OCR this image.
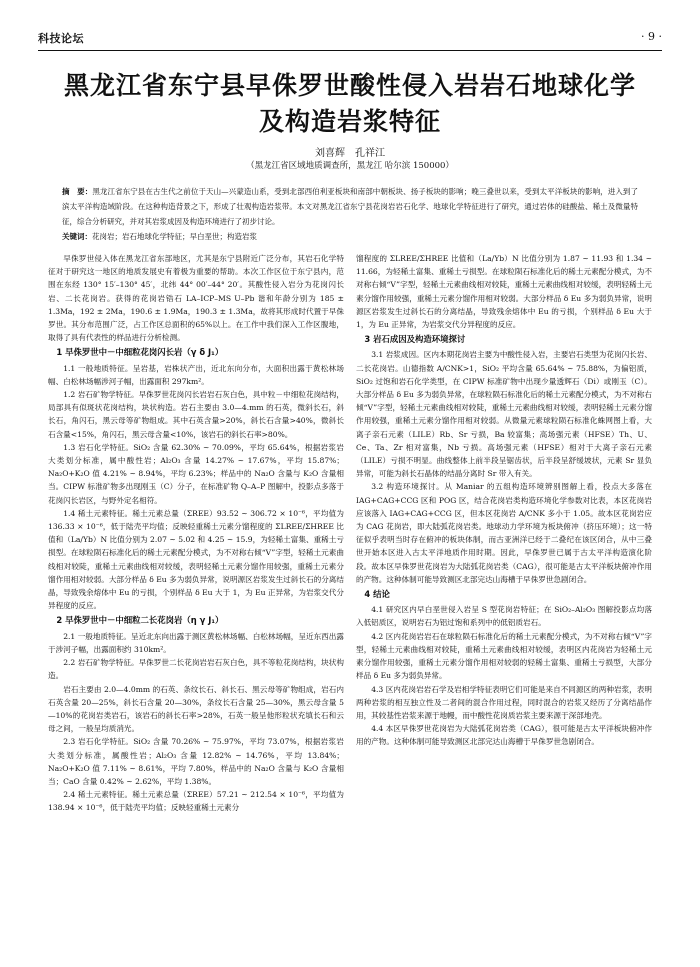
科技论坛	· 9 ·
黑龙江省东宁县早侏罗世酸性侵入岩岩石地球化学
及构造岩浆特征
刘喜辉　孔祥江
（黑龙江省区域地质调查所，黑龙江 哈尔滨 150000）
摘　要：黑龙江省东宁县在古生代之前位于天山—兴蒙造山系，受到北部西伯利亚板块和南部中朝板块、扬子板块的影响；晚三叠世以来，受到太平洋板块的影响，进入到了滨太平洋构造域阶段。在这种构造背景之下，形成了壮观构造岩浆带。本文对黑龙江省东宁县花岗岩岩石化学、地球化学特征进行了研究，通过岩体的硅酸盐、稀土及微量特征，综合分析研究，并对其岩浆成因及构造环境进行了初步讨论。
关键词：花岗岩；岩石地球化学特征；早白垩世；构造岩浆

早侏罗世侵入体在黑龙江省东部地区，尤其是东宁县附近广泛分布，其岩石化学特征对于研究这一地区的地质发展史有着极为重要的帮助。本次工作区位于东宁县内，范围在东经 130° 15′–130° 45′，北纬 44° 00′–44° 20′。其酸性侵入岩分为花岗闪长岩、二长花岗岩。获得的花岗岩锆石 LA–ICP–MS U–Pb 谐和年龄分别为 185 ± 1.3Ma，192 ± 2Ma，190.6 ± 1.9Ma，190.3 ± 1.3Ma，故将其形成时代置于早侏罗世。其分布范围广泛，占工作区总面积的65%以上。在工作中我们深入工作区腹地，取得了具有代表性的样品进行分析检测。

1 早侏罗世中－中细粒花岗闪长岩（γ δ J₁）

1.1 一般地质特征。呈岩基，岩株状产出，近北东向分布，大面积出露于黄松林场幅、白松林场幅涉河子幅，出露面积 297km²。

1.2 岩石矿物学特征。早侏罗世花岗闪长岩岩石灰白色，具中粒－中细粒花岗结构，局部具有似斑状花岗结构，块状构造。岩石主要由 3.0—4.mm 的石英，微斜长石，斜长石，角闪石，黑云母等矿物组成。其中石英含量>20%，斜长石含量>40%，微斜长石含量<15%，角闪石，黑云母含量<10%，该岩石的斜长石率>80%。

1.3 岩石化学特征。SiO₂ 含量 62.30% ~ 70.09%，平均 65.64%，根据岩浆岩大类划分标准，属中酸性岩；Al₂O₃ 含量 14.27% ~ 17.67%，平均 15.87%；Na₂O+K₂O 值 4.21% ~ 8.94%，平均 6.23%；样品中的 Na₂O 含量与 K₂O 含量相当。CIPW 标准矿物多出现刚玉（C）分子，在标准矿物 Q–A–P 图解中，投影点多落于花岗闪长岩区，与野外定名相符。

1.4 稀土元素特征。稀土元素总量（ΣREE）93.52 ~ 306.72 × 10⁻⁶，平均值为 136.33 × 10⁻⁶，低于陆壳平均值；反映轻重稀土元素分馏程度的 ΣLREE/ΣHREE 比值和（La/Yb）N 比值分别为 2.07 ~ 5.02 和 4.25 ~ 15.9，为轻稀土富集、重稀土亏损型。在球粒陨石标准化后的稀土元素配分模式，为不对称右倾“V”字型，轻稀土元素曲线相对较陡，重稀土元素曲线相对较缓，表明轻稀土元素分馏作用较强，重稀土元素分馏作用相对较弱。大部分样品 δ Eu 多为弱负异常，说明源区岩浆发生过斜长石的分离结晶，导致残余熔体中 Eu 的亏损，个别样品 δ Eu 大于 1，为 Eu 正异常，为岩浆交代分异程度的反应。

2 早侏罗世中－中细粒二长花岗岩（η γ J₁）

2.1 一般地质特征。呈近北东向出露于测区黄松林场幅、白松林场幅，呈近东西出露于涉河子幅，出露面积约 310km²。

2.2 岩石矿物学特征。早侏罗世二长花岗岩岩石灰白色，具不等粒花岗结构，块状构造。

岩石主要由 2.0—4.0mm 的石英、条纹长石、斜长石、黑云母等矿物组成，岩石内石英含量 20—25%，斜长石含量 20—30%，条纹长石含量 25—30%，黑云母含量 5—10%的花岗岩类岩石，该岩石的斜长石率>28%，石英一般呈他形粒状充填长石和云母之间，一般呈均质消光。

2.3 岩石化学特征。SiO₂ 含量 70.26% ~ 75.97%，平均 73.07%，根据岩浆岩大类划分标准，属酸性岩；Al₂O₃ 含量 12.82% ~ 14.76%，平均 13.84%；Na₂O+K₂O 值 7.11% ~ 8.61%，平均 7.80%，样品中的 Na₂O 含量与 K₂O 含量相当；CaO 含量 0.42% ~ 2.62%，平均 1.38%。

2.4 稀土元素特征。稀土元素总量（ΣREE）57.21 ~ 212.54 × 10⁻⁶，平均值为 138.94 × 10⁻⁶，低于陆壳平均值；反映轻重稀土元素分

馏程度的 ΣLREE/ΣHREE 比值和（La/Yb）N 比值分别为 1.87 ~ 11.93 和 1.34 ~ 11.66，为轻稀土富集、重稀土亏损型。在球粒陨石标准化后的稀土元素配分模式，为不对称右倾“V”字型，轻稀土元素曲线相对较陡，重稀土元素曲线相对较缓，表明轻稀土元素分馏作用较强，重稀土元素分馏作用相对较弱。大部分样品 δ Eu 多为弱负异常，说明源区岩浆发生过斜长石的分离结晶，导致残余熔体中 Eu 的亏损，个别样品 δ Eu 大于 1，为 Eu 正异常，为岩浆交代分异程度的反应。

3 岩石成因及构造环境探讨

3.1 岩浆成因。区内本期花岗岩主要为中酸性侵入岩，主要岩石类型为花岗闪长岩、二长花岗岩。山德指数 A/CNK>1，SiO₂ 平均含量 65.64% ~ 75.88%，为偏铝质，SiO₂ 过饱和岩石化学类型，在 CIPW 标准矿物中出现少量透辉石（Di）或刚玉（C）。大部分样品 δ Eu 多为弱负异常，在球粒陨石标准化后的稀土元素配分模式，为不对称右倾“V”字型，轻稀土元素曲线相对较陡，重稀土元素曲线相对较缓，表明轻稀土元素分馏作用较强，重稀土元素分馏作用相对较弱。从微量元素球粒陨石标准化蛛网图上看，大离子亲石元素（LILE）Rb、Sr 亏损，Ba 较富集；高场强元素（HFSE）Th、U、Ce、Ta、Zr 相对富集，Nb 亏损。高场强元素（HFSE）相对于大离子亲石元素（LILE）亏损不明显。曲线整体上前半段呈锯齿状，后半段呈舒缓坡状，元素 Sr 显负异常，可能为斜长石晶体的结晶分离时 Sr 带入有关。

3.2 构造环境探讨。从 Maniar 的五组构造环境辨别图解上看，投点大多落在 IAG+CAG+CCG 区和 POG 区，结合花岗岩类构造环境化学参数对比表，本区花岗岩应该落入 IAG+CAG+CCG 区，但本区花岗岩 A/CNK 多小于 1.05。故本区花岗岩应为 CAG 花岗岩，即大陆弧花岗岩类。地球动力学环境为板块俯冲（挤压环境）；这一特征似乎表明当时存在俯冲的板块体制，而古亚洲洋已经于二叠纪在该区闭合，从中三叠世开始本区进入古太平洋地质作用时期。因此，早侏罗世已属于古太平洋构造演化阶段。故本区早侏罗世花岗岩为大陆弧花岗岩类（CAG），很可能是古太平洋板块俯冲作用的产物。这种体制可能导致测区北部完达山海槽于早侏罗世急剧闭合。

4 结论

4.1 研究区内早白垩世侵入岩呈 S 型花岗岩特征；在 SiO₂–Al₂O₃ 图解投影点均落入低铝质区，说明岩石为铝过饱和系列中的低铝质岩石。

4.2 区内花岗岩岩石在球粒陨石标准化后的稀土元素配分模式，为不对称右倾“V”字型，轻稀土元素曲线相对较陡，重稀土元素曲线相对较缓，表明区内花岗岩为轻稀土元素分馏作用较强，重稀土元素分馏作用相对较弱的轻稀土富集、重稀土亏损型，大部分样品 δ Eu 多为弱负异常。

4.3 区内花岗岩岩石学及岩相学特征表明它们可能是来自不同源区的两种岩浆，表明两种岩浆的相互独立性及二者间的混合作用过程，同时混合的岩浆又经历了分离结晶作用，其较基性岩浆来源于地幔，而中酸性花岗质岩浆主要来源于深部地壳。

4.4 本区早侏罗世花岗岩为大陆弧花岗岩类（CAG），很可能是古太平洋板块俯冲作用的产物。这种体制可能导致测区北部完达山海槽于早侏罗世急剧闭合。
